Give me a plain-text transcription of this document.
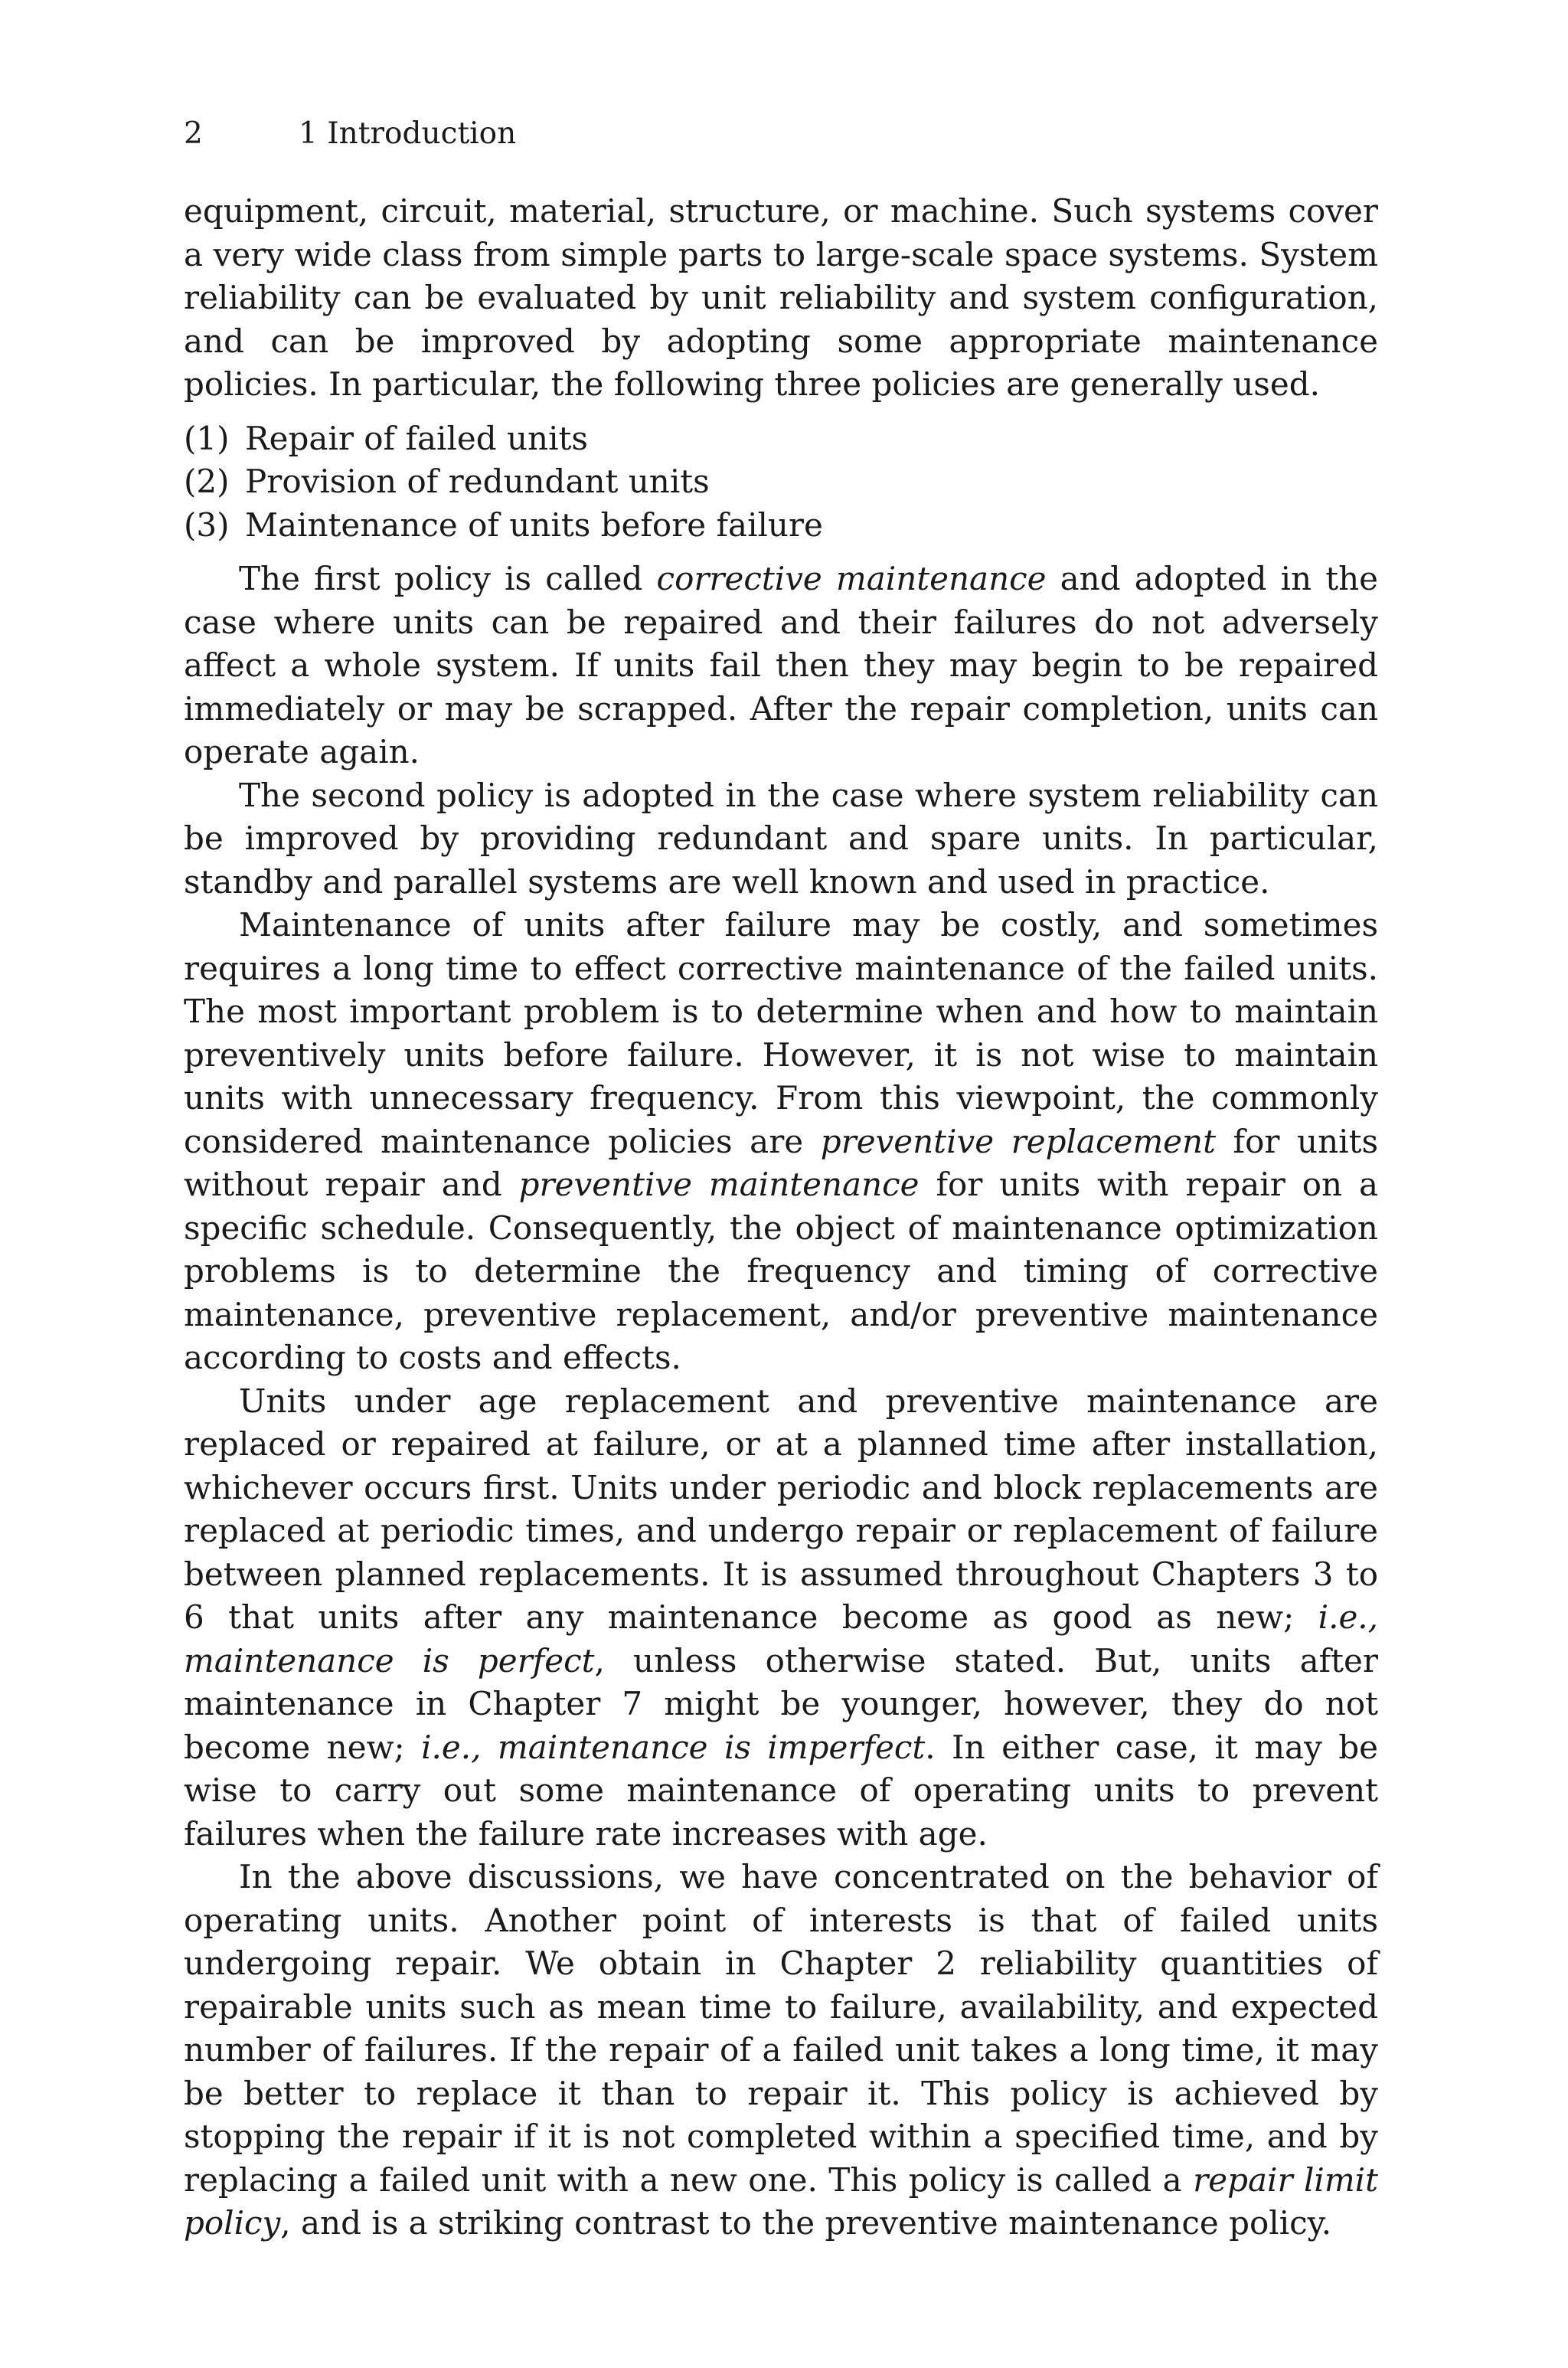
2	1 Introduction

equipment, circuit, material, structure, or machine. Such systems cover a very wide class from simple parts to large-scale space systems. System reliability can be evaluated by unit reliability and system configuration, and can be improved by adopting some appropriate maintenance policies. In particular, the following three policies are generally used.

(1) Repair of failed units
(2) Provision of redundant units
(3) Maintenance of units before failure

The first policy is called corrective maintenance and adopted in the case where units can be repaired and their failures do not adversely affect a whole system. If units fail then they may begin to be repaired immediately or may be scrapped. After the repair completion, units can operate again.

The second policy is adopted in the case where system reliability can be improved by providing redundant and spare units. In particular, standby and parallel systems are well known and used in practice.

Maintenance of units after failure may be costly, and sometimes requires a long time to effect corrective maintenance of the failed units. The most important problem is to determine when and how to maintain preventively units before failure. However, it is not wise to maintain units with unnecessary frequency. From this viewpoint, the commonly considered maintenance policies are preventive replacement for units without repair and preventive maintenance for units with repair on a specific schedule. Consequently, the object of maintenance optimization problems is to determine the frequency and timing of corrective maintenance, preventive replacement, and/or preventive maintenance according to costs and effects.

Units under age replacement and preventive maintenance are replaced or repaired at failure, or at a planned time after installation, whichever occurs first. Units under periodic and block replacements are replaced at periodic times, and undergo repair or replacement of failure between planned replacements. It is assumed throughout Chapters 3 to 6 that units after any maintenance become as good as new; i.e., maintenance is perfect, unless otherwise stated. But, units after maintenance in Chapter 7 might be younger, however, they do not become new; i.e., maintenance is imperfect. In either case, it may be wise to carry out some maintenance of operating units to prevent failures when the failure rate increases with age.

In the above discussions, we have concentrated on the behavior of operating units. Another point of interests is that of failed units undergoing repair. We obtain in Chapter 2 reliability quantities of repairable units such as mean time to failure, availability, and expected number of failures. If the repair of a failed unit takes a long time, it may be better to replace it than to repair it. This policy is achieved by stopping the repair if it is not completed within a specified time, and by replacing a failed unit with a new one. This policy is called a repair limit policy, and is a striking contrast to the preventive maintenance policy.
